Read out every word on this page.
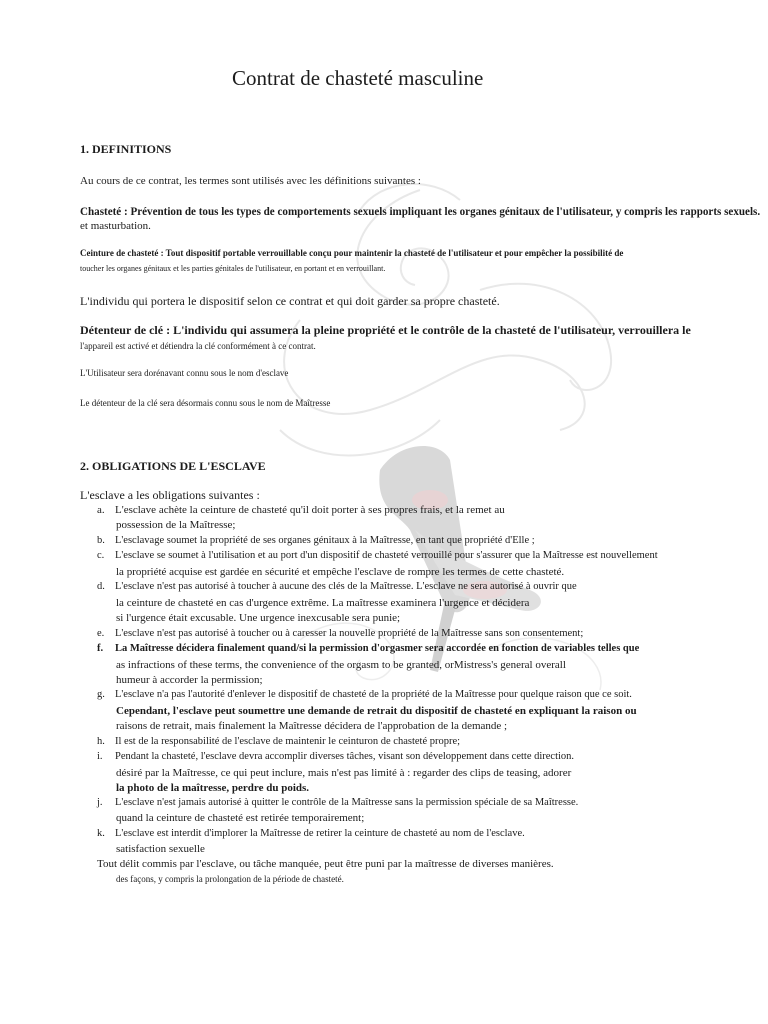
Contrat de chasteté masculine
1. DEFINITIONS
Au cours de ce contrat, les termes sont utilisés avec les définitions suivantes :
Chasteté : Prévention de tous les types de comportements sexuels impliquant les organes génitaux de l'utilisateur, y compris les rapports sexuels.
et masturbation.
Ceinture de chasteté : Tout dispositif portable verrouillable conçu pour maintenir la chasteté de l'utilisateur et pour empêcher la possibilité de
toucher les organes génitaux et les parties génitales de l'utilisateur, en portant et en verrouillant.
L'individu qui portera le dispositif selon ce contrat et qui doit garder sa propre chasteté.
Détenteur de clé : L'individu qui assumera la pleine propriété et le contrôle de la chasteté de l'utilisateur, verrouillera le
l'appareil est activé et détiendra la clé conformément à ce contrat.
L'Utilisateur sera dorénavant connu sous le nom d'esclave
Le détenteur de la clé sera désormais connu sous le nom de Maîtresse
2. OBLIGATIONS DE L'ESCLAVE
L'esclave a les obligations suivantes :
a. L'esclave achète la ceinture de chasteté qu'il doit porter à ses propres frais, et la remet au
possession de la Maîtresse;
b. L'esclavage soumet la propriété de ses organes génitaux à la Maîtresse, en tant que propriété d'Elle ;
c. L'esclave se soumet à l'utilisation et au port d'un dispositif de chasteté verrouillé pour s'assurer que la Maîtresse est nouvellement
la propriété acquise est gardée en sécurité et empêche l'esclave de rompre les termes de cette chasteté.
d. L'esclave n'est pas autorisé à toucher à aucune des clés de la Maîtresse. L'esclave ne sera autorisé à ouvrir que
la ceinture de chasteté en cas d'urgence extrême. La maîtresse examinera l'urgence et décidera
si l'urgence était excusable. Une urgence inexcusable sera punie;
e. L'esclave n'est pas autorisé à toucher ou à caresser la nouvelle propriété de la Maîtresse sans son consentement;
f. La Maîtresse décidera finalement quand/si la permission d'orgasmer sera accordée en fonction de variables telles que
as infractions of these terms, the convenience of the orgasm to be granted, orMistress's general overall
humeur à accorder la permission;
g. L'esclave n'a pas l'autorité d'enlever le dispositif de chasteté de la propriété de la Maîtresse pour quelque raison que ce soit.
Cependant, l'esclave peut soumettre une demande de retrait du dispositif de chasteté en expliquant la raison ou
raisons de retrait, mais finalement la Maîtresse décidera de l'approbation de la demande ;
h. Il est de la responsabilité de l'esclave de maintenir le ceinturon de chasteté propre;
i. Pendant la chasteté, l'esclave devra accomplir diverses tâches, visant son développement dans cette direction.
désiré par la Maîtresse, ce qui peut inclure, mais n'est pas limité à : regarder des clips de teasing, adorer
la photo de la maîtresse, perdre du poids.
j. L'esclave n'est jamais autorisé à quitter le contrôle de la Maîtresse sans la permission spéciale de sa Maîtresse.
quand la ceinture de chasteté est retirée temporairement;
k. L'esclave est interdit d'implorer la Maîtresse de retirer la ceinture de chasteté au nom de l'esclave.
satisfaction sexuelle
Tout délit commis par l'esclave, ou tâche manquée, peut être puni par la maîtresse de diverses manières.
des façons, y compris la prolongation de la période de chasteté.
